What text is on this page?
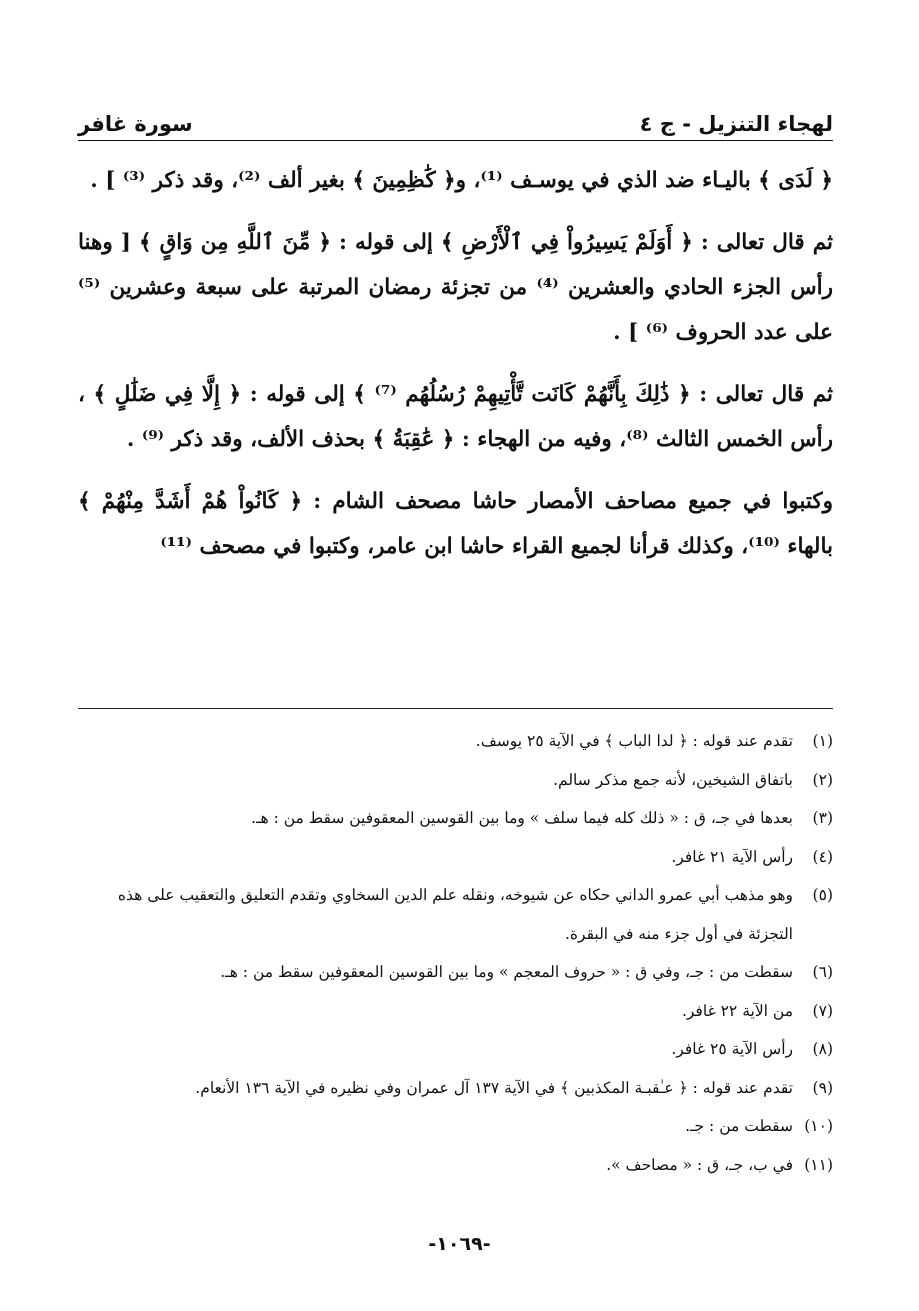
لهجاء التنزيل - ج ٤
سورة غافر

﴿ لَدَى ﴾ باليـاء ضد الذي في يوسـف ⁽¹⁾، و﴿ كَٰظِمِينَ ﴾ بغير ألف ⁽²⁾، وقد ذكر ⁽³⁾ ] .

ثم قال تعالى : ﴿ أَوَلَمْ يَسِيرُواْ فِي ٱلْأَرْضِ ﴾ إلى قوله : ﴿ مِّنَ ٱللَّهِ مِن وَاقٍ ﴾ [ وهنا رأس الجزء الحادي والعشرين ⁽⁴⁾ من تجزئة رمضان المرتبة على سبعة وعشرين ⁽⁵⁾ على عدد الحروف ⁽⁶⁾ ] .

ثم قال تعالى : ﴿ ذَٰلِكَ بِأَنَّهُمْ كَانَت تَّأْتِيهِمْ رُسُلُهُم ⁽⁷⁾ ﴾ إلى قوله : ﴿ إِلَّا فِي ضَلَٰلٍ ﴾ ، رأس الخمس الثالث ⁽⁸⁾، وفيه من الهجاء : ﴿ عَٰقِبَةُ ﴾ بحذف الألف، وقد ذكر ⁽⁹⁾ .

وكتبوا في جميع مصاحف الأمصار حاشا مصحف الشام : ﴿ كَانُواْ هُمْ أَشَدَّ مِنْهُمْ ﴾ بالهاء ⁽¹⁰⁾، وكذلك قرأنا لجميع القراء حاشا ابن عامر، وكتبوا في مصحف ⁽¹¹⁾

(١)
تقدم عند قوله : ﴿ لدا الباب ﴾ في الآية ٢٥ يوسف.
(٢)
باتفاق الشيخين، لأنه جمع مذكر سالم.
(٣)
بعدها في جـ، ق : « ذلك كله فيما سلف » وما بين القوسين المعقوفين سقط من : هـ.
(٤)
رأس الآية ٢١ غافر.
(٥)
وهو مذهب أبي عمرو الداني حكاه عن شيوخه، ونقله علم الدين السخاوي وتقدم التعليق والتعقيب على هذه التجزئة في أول جزء منه في البقرة.
(٦)
سقطت من : جـ، وفي ق : « حروف المعجم » وما بين القوسين المعقوفين سقط من : هـ.
(٧)
من الآية ٢٢ غافر.
(٨)
رأس الآية ٢٥ غافر.
(٩)
تقدم عند قوله : ﴿ عـٰقبـة المكذبين ﴾ في الآية ١٣٧ آل عمران وفي نظيره في الآية ١٣٦ الأنعام.
(١٠)
سقطت من : جـ.
(١١)
في ب، جـ، ق : « مصاحف ».
-١٠٦٩-
